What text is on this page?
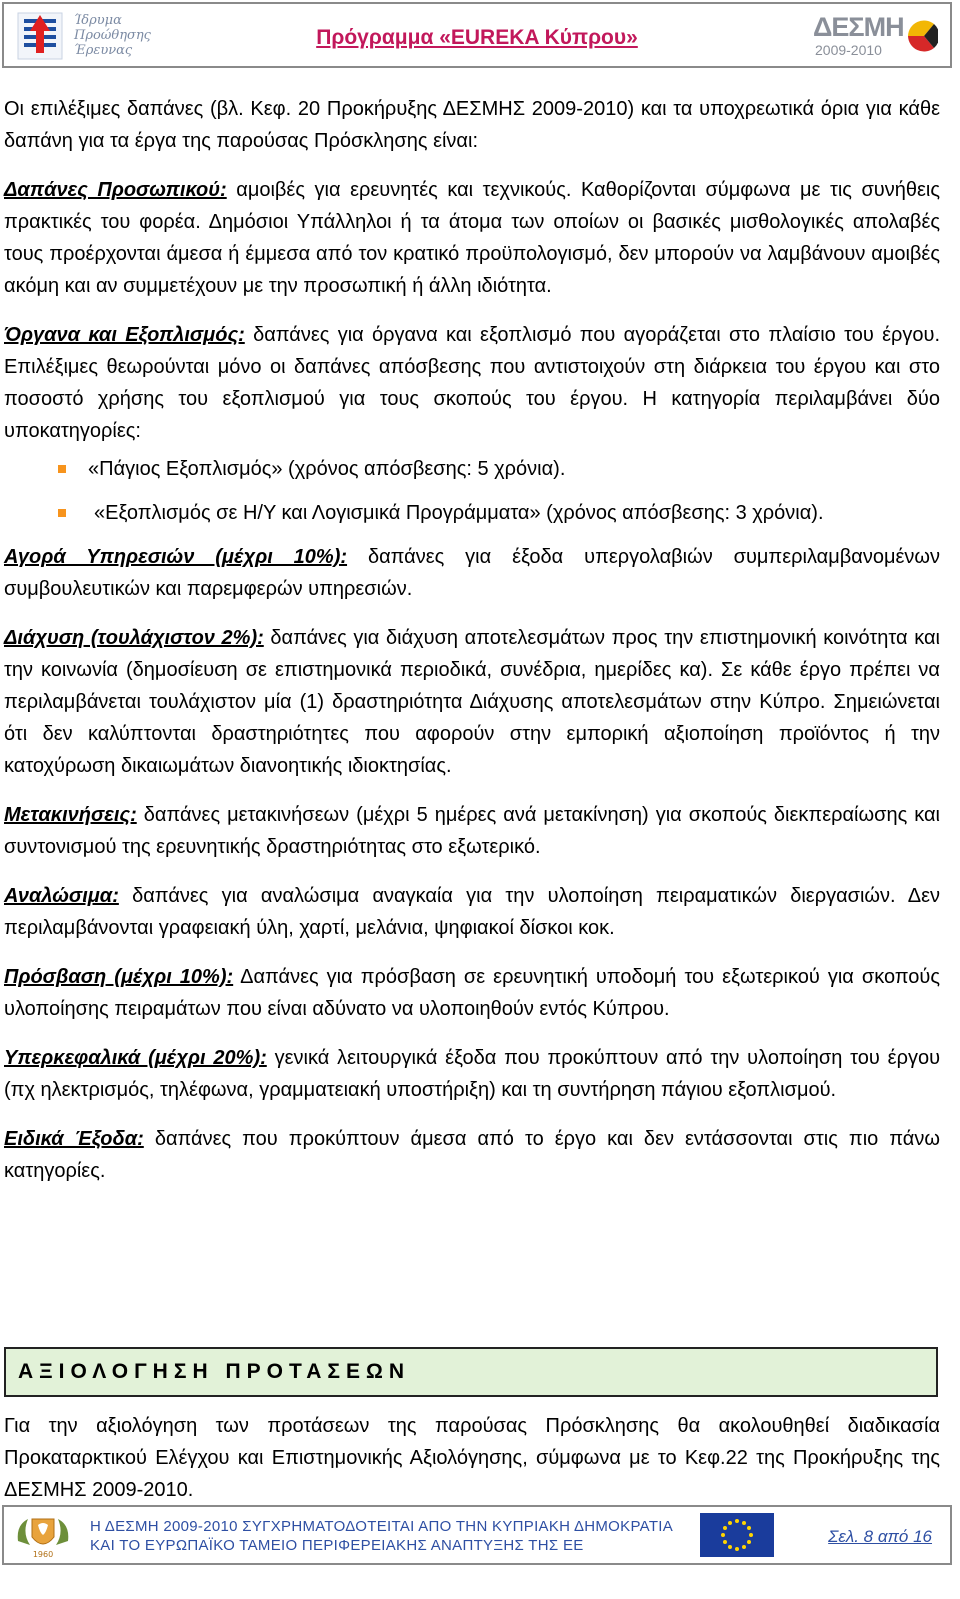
Ίδρυμα
Προώθησης
Έρευνας
Πρόγραμμα «EUREKA Κύπρου»	ΔΕΣΜΗ
2009-2010

Οι επιλέξιμες δαπάνες (βλ. Κεφ. 20 Προκήρυξης ΔΕΣΜΗΣ 2009-2010) και τα υποχρεωτικά όρια για κάθε δαπάνη για τα έργα της παρούσας Πρόσκλησης είναι:

Δαπάνες Προσωπικού: αμοιβές για ερευνητές και τεχνικούς. Καθορίζονται σύμφωνα με τις συνήθεις πρακτικές του φορέα. Δημόσιοι Υπάλληλοι ή τα άτομα των οποίων οι βασικές μισθολογικές απολαβές τους προέρχονται άμεσα ή έμμεσα από τον κρατικό προϋπολογισμό, δεν μπορούν να λαμβάνουν αμοιβές ακόμη και αν συμμετέχουν με την προσωπική ή άλλη ιδιότητα.

Όργανα και Εξοπλισμός: δαπάνες για όργανα και εξοπλισμό που αγοράζεται στο πλαίσιο του έργου. Επιλέξιμες θεωρούνται μόνο οι δαπάνες απόσβεσης που αντιστοιχούν στη διάρκεια του έργου και στο ποσοστό χρήσης του εξοπλισμού για τους σκοπούς του έργου. Η κατηγορία περιλαμβάνει δύο υποκατηγορίες:

«Πάγιος Εξοπλισμός» (χρόνος απόσβεσης: 5 χρόνια).
«Εξοπλισμός σε Η/Υ και Λογισμικά Προγράμματα» (χρόνος απόσβεσης: 3 χρόνια).

Αγορά Υπηρεσιών (μέχρι 10%): δαπάνες για έξοδα υπεργολαβιών συμπεριλαμβανομένων συμβουλευτικών και παρεμφερών υπηρεσιών.

Διάχυση (τουλάχιστον 2%): δαπάνες για διάχυση αποτελεσμάτων προς την επιστημονική κοινότητα και την κοινωνία (δημοσίευση σε επιστημονικά περιοδικά, συνέδρια, ημερίδες κα). Σε κάθε έργο πρέπει να περιλαμβάνεται τουλάχιστον μία (1) δραστηριότητα Διάχυσης αποτελεσμάτων στην Κύπρο. Σημειώνεται ότι δεν καλύπτονται δραστηριότητες που αφορούν στην εμπορική αξιοποίηση προϊόντος ή την κατοχύρωση δικαιωμάτων διανοητικής ιδιοκτησίας.

Μετακινήσεις: δαπάνες μετακινήσεων (μέχρι 5 ημέρες ανά μετακίνηση) για σκοπούς διεκπεραίωσης και συντονισμού της ερευνητικής δραστηριότητας στο εξωτερικό.

Αναλώσιμα: δαπάνες για αναλώσιμα αναγκαία για την υλοποίηση πειραματικών διεργασιών. Δεν περιλαμβάνονται γραφειακή ύλη, χαρτί, μελάνια, ψηφιακοί δίσκοι κοκ.

Πρόσβαση (μέχρι 10%): Δαπάνες για πρόσβαση σε ερευνητική υποδομή του εξωτερικού για σκοπούς υλοποίησης πειραμάτων που είναι αδύνατο να υλοποιηθούν εντός Κύπρου.

Υπερκεφαλικά (μέχρι 20%): γενικά λειτουργικά έξοδα που προκύπτουν από την υλοποίηση του έργου (πχ ηλεκτρισμός, τηλέφωνα, γραμματειακή υποστήριξη) και τη συντήρηση πάγιου εξοπλισμού.

Ειδικά Έξοδα: δαπάνες που προκύπτουν άμεσα από το έργο και δεν εντάσσονται στις πιο πάνω κατηγορίες.

ΑΞΙΟΛΟΓΗΣΗ ΠΡΟΤΑΣΕΩΝ

Για την αξιολόγηση των προτάσεων της παρούσας Πρόσκλησης θα ακολουθηθεί διαδικασία Προκαταρκτικού Ελέγχου και Επιστημονικής Αξιολόγησης, σύμφωνα με το Κεφ.22 της Προκήρυξης της ΔΕΣΜΗΣ 2009-2010.

1960
Η ΔΕΣΜΗ 2009-2010 ΣΥΓΧΡΗΜΑΤΟΔΟΤΕΙΤΑΙ ΑΠΟ ΤΗΝ ΚΥΠΡΙΑΚΗ ΔΗΜΟΚΡΑΤΙΑ
ΚΑΙ ΤΟ ΕΥΡΩΠΑΪΚΟ ΤΑΜΕΙΟ ΠΕΡΙΦΕΡΕΙΑΚΗΣ ΑΝΑΠΤΥΞΗΣ ΤΗΣ ΕΕ	Σελ. 8 από 16
